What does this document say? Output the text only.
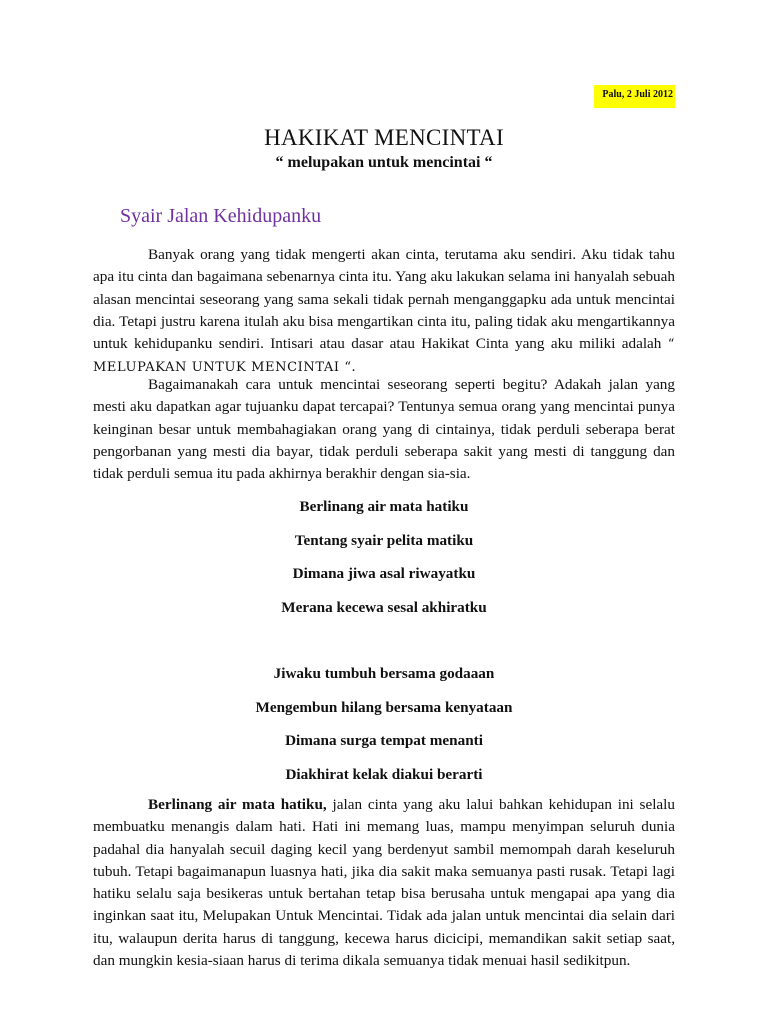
Palu, 2 Juli 2012
HAKIKAT MENCINTAI
“ melupakan untuk mencintai “
Syair Jalan Kehidupanku

Banyak orang yang tidak mengerti akan cinta, terutama aku sendiri. Aku tidak tahu apa itu cinta dan bagaimana sebenarnya cinta itu. Yang aku lakukan selama ini hanyalah sebuah alasan mencintai seseorang yang sama sekali tidak pernah menganggapku ada untuk mencintai dia. Tetapi justru karena itulah aku bisa mengartikan cinta itu, paling tidak aku mengartikannya untuk kehidupanku sendiri. Intisari atau dasar atau Hakikat Cinta yang aku miliki adalah “ MELUPAKAN UNTUK MENCINTAI “.

Bagaimanakah cara untuk mencintai seseorang seperti begitu? Adakah jalan yang mesti aku dapatkan agar tujuanku dapat tercapai? Tentunya semua orang yang mencintai punya keinginan besar untuk membahagiakan orang yang di cintainya, tidak perduli seberapa berat pengorbanan yang mesti dia bayar, tidak perduli seberapa sakit yang mesti di tanggung dan tidak perduli semua itu pada akhirnya berakhir dengan sia-sia.

Berlinang air mata hatiku
Tentang syair pelita matiku
Dimana jiwa asal riwayatku
Merana kecewa sesal akhiratku
Jiwaku tumbuh bersama godaaan
Mengembun hilang bersama kenyataan
Dimana surga tempat menanti
Diakhirat kelak diakui berarti

Berlinang air mata hatiku, jalan cinta yang aku lalui bahkan kehidupan ini selalu membuatku menangis dalam hati. Hati ini memang luas, mampu menyimpan seluruh dunia padahal dia hanyalah secuil daging kecil yang berdenyut sambil memompah darah keseluruh tubuh. Tetapi bagaimanapun luasnya hati, jika dia sakit maka semuanya pasti rusak. Tetapi lagi hatiku selalu saja besikeras untuk bertahan tetap bisa berusaha untuk mengapai apa yang dia inginkan saat itu, Melupakan Untuk Mencintai. Tidak ada jalan untuk mencintai dia selain dari itu, walaupun derita harus di tanggung, kecewa harus dicicipi, memandikan sakit setiap saat, dan mungkin kesia-siaan harus di terima dikala semuanya tidak menuai hasil sedikitpun.
